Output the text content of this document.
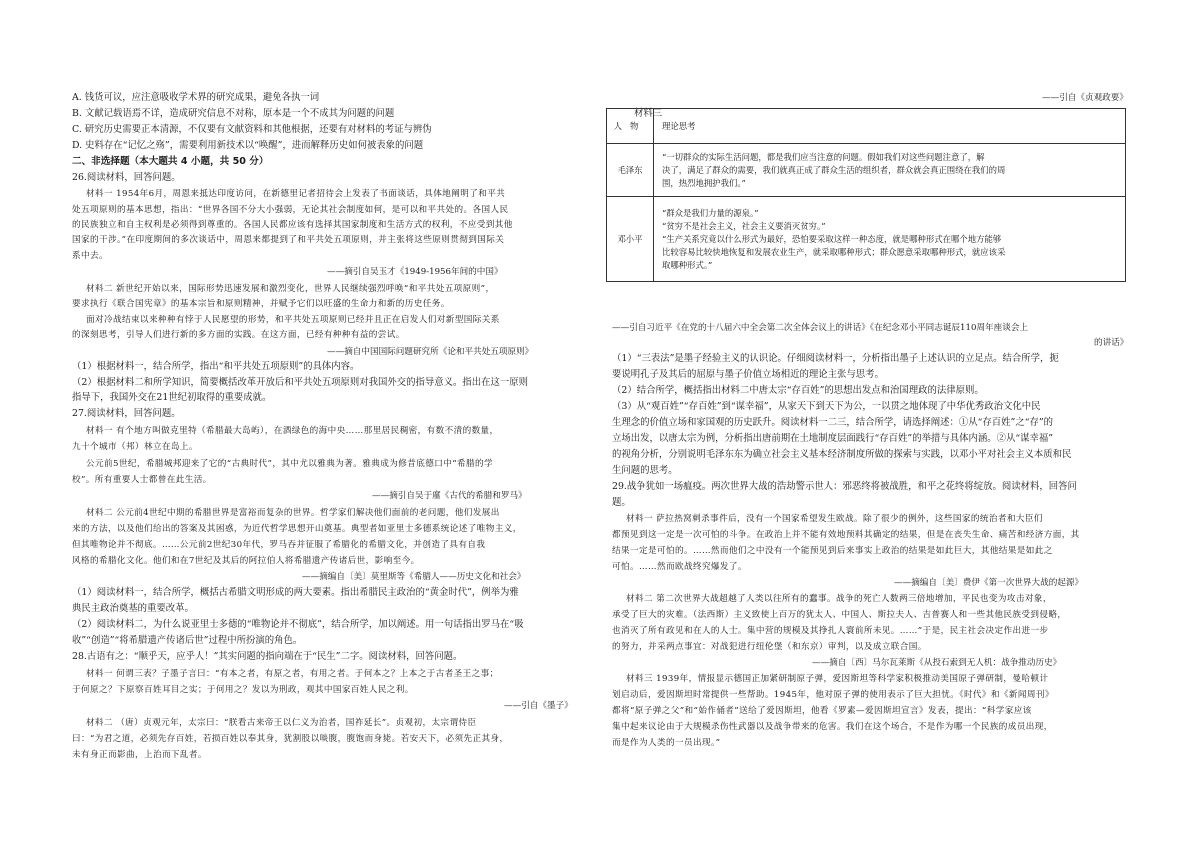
A. 钱货可议，应注意吸收学术界的研究成果，避免各执一词
B. 文献记载语焉不详，造成研究信息不对称，原本是一个不成其为问题的问题
C. 研究历史需要正本清源，不仅要有文献资料和其他根据，还要有对材料的考证与辨伪
D. 史料存在“记忆之殇”，需要利用新技术以“唤醒”，进而解释历史如何被表象的问题
二、非选择题（本大题共 4 小题，共 50 分）
26.阅读材料，回答问题。
材料一 1954年6月，周恩来抵达印度访问，在新德里记者招待会上发表了书面谈话，具体地阐明了和平共
处五项原则的基本思想，指出：“世界各国不分大小强弱，无论其社会制度如何，是可以和平共处的。各国人民
的民族独立和自主权利是必须得到尊重的。各国人民都应该有选择其国家制度和生活方式的权利，不应受到其他
国家的干涉。”在印度期间的多次谈话中，周恩来都提到了和平共处五项原则，并主张将这些原则贯彻到国际关
系中去。
——摘引自吴玉才《1949-1956年间的中国》
材料二 新世纪开始以来，国际形势迅速发展和激烈变化，世界人民继续强烈呼唤“和平共处五项原则”，
要求执行《联合国宪章》的基本宗旨和原则精神，并赋予它们以旺盛的生命力和新的历史任务。
面对冷战结束以来种种有悖于人民愿望的形势，和平共处五项原则已经并且正在启发人们对新型国际关系
的深刻思考，引导人们进行新的多方面的实践。在这方面，已经有种种有益的尝试。
——摘自中国国际问题研究所《论和平共处五项原则》
（1）根据材料一，结合所学，指出“和平共处五项原则”的具体内容。
（2）根据材料二和所学知识，简要概括改革开放后和平共处五项原则对我国外交的指导意义。指出在这一原则
指导下，我国外交在21世纪初取得的重要成就。
27.阅读材料，回答问题。
材料一 有个地方叫做克里特（希腊最大岛屿），在酒绿色的海中央……那里居民稠密，有数不清的数量，
九十个城市（邦）林立在岛上。
公元前5世纪，希腊城邦迎来了它的“古典时代”，其中尤以雅典为著。雅典成为修昔底德口中“希腊的学
校”。所有重要人士都曾在此生活。
——摘引自吴于廑《古代的希腊和罗马》
材料二 公元前4世纪中期的希腊世界是富裕而复杂的世界。哲学家们解决他们面前的老问题，他们发展出
来的方法，以及他们给出的答案及其困惑，为近代哲学思想开山奠基。典型者如亚里士多德系统论述了唯物主义，
但其唯物论并不彻底。……公元前2世纪30年代，罗马吞并征服了希腊化的希腊文化，并创造了具有自我
风格的希腊化文化。他们和在7世纪及其后的阿拉伯人将希腊遗产传诸后世，影响至今。
——摘编自〔美〕莫里斯等《希腊人——历史文化和社会》
（1）阅读材料一，结合所学，概括古希腊文明形成的两大要素。指出希腊民主政治的“黄金时代”，例举为雅
典民主政治奠基的重要改革。
（2）阅读材料二，为什么说亚里士多德的“唯物论并不彻底”，结合所学，加以阐述。用一句话指出罗马在“吸
收”“创造”“将希腊遗产传诸后世”过程中所扮演的角色。
28.古语有之：“顺乎天，应乎人！”其实问题的指向端在于“民生”二字。阅读材料，回答问题。
材料一 何谓三表？子墨子言曰：“有本之者，有原之者，有用之者。于何本之？上本之于古者圣王之事；
于何原之？下原察百姓耳目之实；于何用之？发以为刑政，观其中国家百姓人民之利。
——引自《墨子》
材料二 （唐）贞观元年，太宗曰：“朕看古来帝王以仁义为治者，国祚延长”。贞观初，太宗谓侍臣
曰：“为君之道，必须先存百姓，若损百姓以奉其身，犹割股以啖腹，腹饱而身毙。若安天下，必须先正其身，
未有身正而影曲，上治而下乱者。
——引自《贞观政要》
材料三
人物	理论思考
毛泽东	“一切群众的实际生活问题，都是我们应当注意的问题。假如我们对这些问题注意了，解
决了，满足了群众的需要，我们就真正成了群众生活的组织者，群众就会真正围绕在我们的周
围，热烈地拥护我们。”

邓小平	“群众是我们力量的源泉。”
“贫穷不是社会主义，社会主义要消灭贫穷。”
“生产关系究竟以什么形式为最好，恐怕要采取这样一种态度，就是哪种形式在哪个地方能够
比较容易比较快地恢复和发展农业生产，就采取哪种形式；群众愿意采取哪种形式，就应该采
取哪种形式。”
——引自习近平《在党的十八届六中全会第二次全体会议上的讲话》《在纪念邓小平同志诞辰110周年座谈会上
的讲话》
（1）“三表法”是墨子经验主义的认识论。仔细阅读材料一，分析指出墨子上述认识的立足点。结合所学，扼
要说明孔子及其后的屈原与墨子价值立场相近的理论主张与思考。
（2）结合所学，概括指出材料二中唐太宗“存百姓”的思想出发点和治国理政的法律原则。
（3）从“观百姓”“存百姓”到“谋幸福”，从家天下到天下为公，一以贯之地体现了中华优秀政治文化中民
生理念的价值立场和家国观的历史跃升。阅读材料一二三，结合所学，请选择阐述：①从“存百姓”之“存”的
立场出发，以唐太宗为例，分析指出唐前期在土地制度层面践行“存百姓”的举措与具体内涵。②从“谋幸福”
的视角分析，分别说明毛泽东东为确立社会主义基本经济制度所做的探索与实践，以邓小平对社会主义本质和民
生问题的思考。
29.战争犹如一场瘟疫。两次世界大战的浩劫警示世人：邪恶终将被战胜，和平之花终将绽放。阅读材料，回答问
题。
材料一 萨拉热窝刺杀事件后，没有一个国家希望发生欧战。除了很少的例外，这些国家的统治者和大臣们
都预见到这一定是一次可怕的斗争。在政治上并不能有效地预料其确定的结果，但是在丧失生命、痛苦和经济方面，其
结果一定是可怕的。……然而他们之中没有一个能预见到后来事实上政治的结果是如此巨大，其他结果是如此之
可怕。……然而欧战终究爆发了。
——摘编自〔美〕费伊《第一次世界大战的起源》
材料二 第二次世界大战超越了人类以往所有的蠢事。战争的死亡人数两三倍地增加，平民也变为攻击对象，
承受了巨大的灾难。（法西斯）主义致使上百万的犹太人、中国人、斯拉夫人、吉普赛人和一些其他民族受到侵略，
也消灭了所有政见和在人的人士。集中营的规模及其挣扎人寰前所未见。……”于是，民主社会决定作出进一步
的努力，并采两点事宜：对战犯进行纽伦堡（和东京）审判，以及成立联合国。
——摘自〔西〕马尔瓦莱斯《从投石索到无人机：战争推动历史》
材料三 1939年，情报显示德国正加紧研制原子弹，爱因斯坦等科学家积极推动美国原子弹研制，曼哈顿计
划启动后，爱因斯坦时常提供一些帮助。1945年，他对原子弹的使用表示了巨大担忧。《时代》和《新闻周刊》
都将“原子弹之父”和“始作俑者”送给了爱因斯坦，他看《罗素—爱因斯坦宣言》发表，提出：“科学家应该
集中起来议论由于大规模杀伤性武器以及战争带来的危害。我们在这个场合，不是作为哪一个民族的成员出现，
而是作为人类的一员出现。”
